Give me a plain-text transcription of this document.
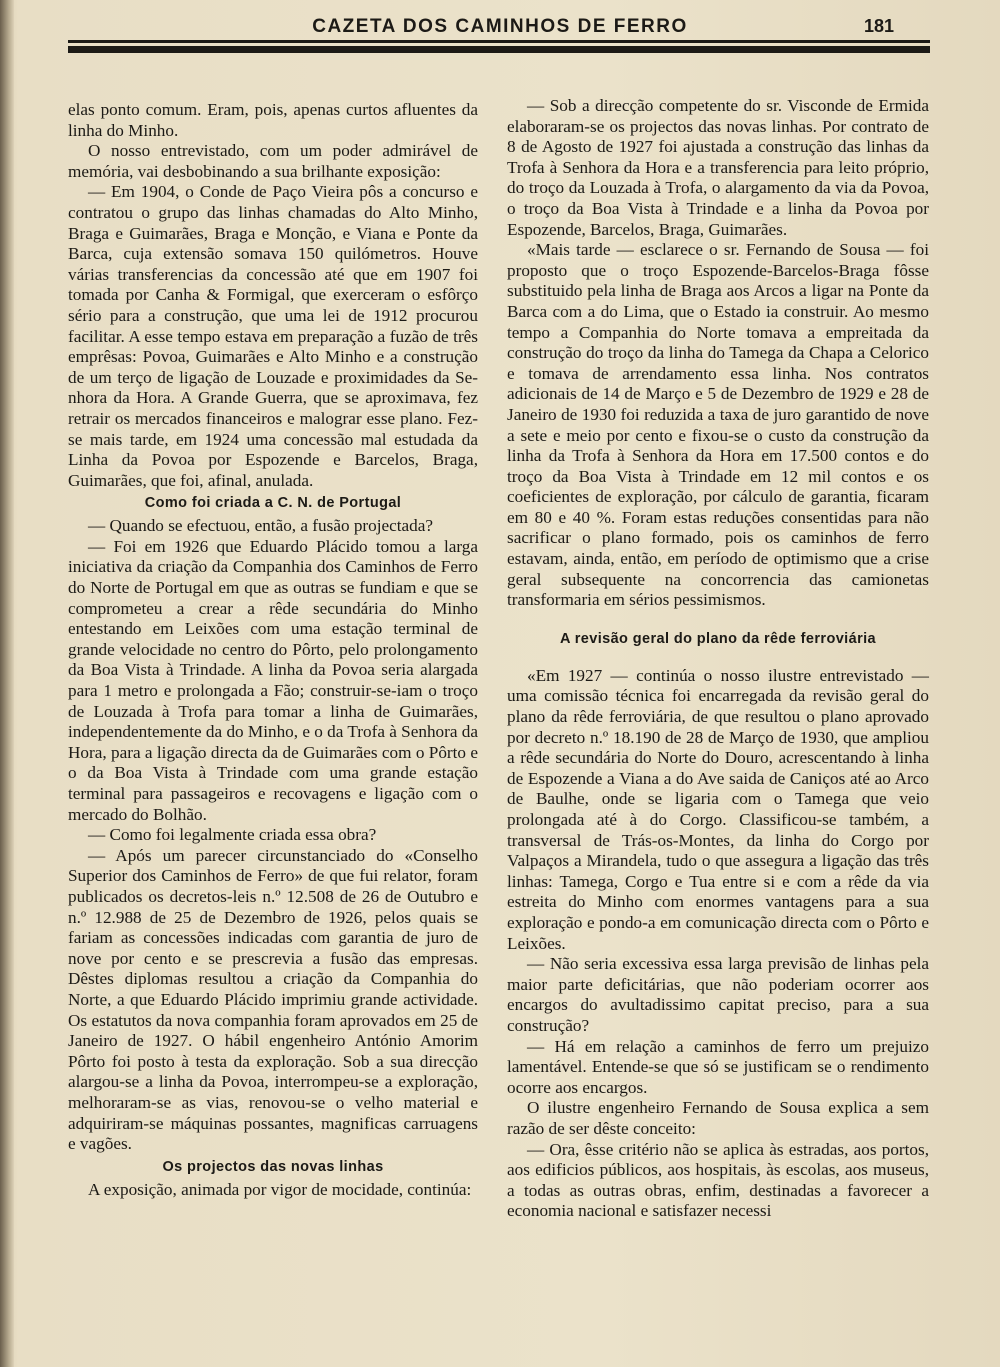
CAZETA DOS CAMINHOS DE FERRO	181

elas ponto comum. Eram, pois, apenas curtos afluentes da linha do Minho.

O nosso entrevistado, com um poder admirável de memória, vai desbobinando a sua brilhante exposição:

— Em 1904, o Conde de Paço Vieira pôs a concurso e contratou o grupo das linhas chamadas do Alto Minho, Braga e Guimarães, Braga e Monção, e Viana e Ponte da Barca, cuja extensão somava 150 quilómetros. Houve várias transferencias da concessão até que em 1907 foi tomada por Canha & Formigal, que exerceram o esfôrço sério para a construção, que uma lei de 1912 procurou facilitar. A esse tempo estava em preparação a fuzão de três emprêsas: Povoa, Guimarães e Alto Minho e a construção de um terço de ligação de Louzade e proximidades da Senhora da Hora. A Grande Guerra, que se aproximava, fez retrair os mercados financeiros e malograr esse plano. Fez-se mais tarde, em 1924 uma concessão mal estudada da Linha da Povoa por Espozende e Barcelos, Braga, Guimarães, que foi, afinal, anulada.

Como foi criada a C. N. de Portugal

— Quando se efectuou, então, a fusão projectada?

— Foi em 1926 que Eduardo Plácido tomou a larga iniciativa da criação da Companhia dos Caminhos de Ferro do Norte de Portugal em que as outras se fundiam e que se comprometeu a crear a rêde secundária do Minho entestando em Leixões com uma estação terminal de grande velocidade no centro do Pôrto, pelo prolongamento da Boa Vista à Trindade. A linha da Povoa seria alargada para 1 metro e prolongada a Fão; construir-se-iam o troço de Louzada à Trofa para tomar a linha de Guimarães, independentemente da do Minho, e o da Trofa à Senhora da Hora, para a ligação directa da de Guimarães com o Pôrto e o da Boa Vista à Trindade com uma grande estação terminal para passageiros e recovagens e ligação com o mercado do Bolhão.

— Como foi legalmente criada essa obra?

— Após um parecer circunstanciado do «Conselho Superior dos Caminhos de Ferro» de que fui relator, foram publicados os decretos-leis n.º 12.508 de 26 de Outubro e n.º 12.988 de 25 de Dezembro de 1926, pelos quais se fariam as concessões indicadas com garantia de juro de nove por cento e se prescrevia a fusão das empresas. Dêstes diplomas resultou a criação da Companhia do Norte, a que Eduardo Plácido imprimiu grande actividade. Os estatutos da nova companhia foram aprovados em 25 de Janeiro de 1927. O hábil engenheiro António Amorim Pôrto foi posto à testa da exploração. Sob a sua direcção alargou-se a linha da Povoa, interrompeu-se a exploração, melhoraram-se as vias, renovou-se o velho material e adquiriram-se máquinas possantes, magnificas carruagens e vagões.

Os projectos das novas linhas

A exposição, animada por vigor de mocidade, continúa:

— Sob a direcção competente do sr. Visconde de Ermida elaboraram-se os projectos das novas linhas. Por contrato de 8 de Agosto de 1927 foi ajustada a construção das linhas da Trofa à Senhora da Hora e a transferencia para leito próprio, do troço da Louzada à Trofa, o alargamento da via da Povoa, o troço da Boa Vista à Trindade e a linha da Povoa por Espozende, Barcelos, Braga, Guimarães.

«Mais tarde — esclarece o sr. Fernando de Sousa — foi proposto que o troço Espozende-Barcelos-Braga fôsse substituido pela linha de Braga aos Arcos a ligar na Ponte da Barca com a do Lima, que o Estado ia construir. Ao mesmo tempo a Companhia do Norte tomava a empreitada da construção do troço da linha do Tamega da Chapa a Celorico e tomava de arrendamento essa linha. Nos contratos adicionais de 14 de Março e 5 de Dezembro de 1929 e 28 de Janeiro de 1930 foi reduzida a taxa de juro garantido de nove a sete e meio por cento e fixou-se o custo da construção da linha da Trofa à Senhora da Hora em 17.500 contos e do troço da Boa Vista à Trindade em 12 mil contos e os coeficientes de exploração, por cálculo de garantia, ficaram em 80 e 40 %. Foram estas reduções consentidas para não sacrificar o plano formado, pois os caminhos de ferro estavam, ainda, então, em período de optimismo que a crise geral subsequente na concorrencia das camionetas transformaria em sérios pessimismos.

A revisão geral do plano da rêde ferroviária

«Em 1927 — continúa o nosso ilustre entrevistado — uma comissão técnica foi encarregada da revisão geral do plano da rêde ferroviária, de que resultou o plano aprovado por decreto n.º 18.190 de 28 de Março de 1930, que ampliou a rêde secundária do Norte do Douro, acrescentando à linha de Espozende a Viana a do Ave saida de Caniços até ao Arco de Baulhe, onde se ligaria com o Tamega que veio prolongada até à do Corgo. Classificou-se também, a transversal de Trás-os-Montes, da linha do Corgo por Valpaços a Mirandela, tudo o que assegura a ligação das três linhas: Tamega, Corgo e Tua entre si e com a rêde da via estreita do Minho com enormes vantagens para a sua exploração e pondo-a em comunicação directa com o Pôrto e Leixões.

— Não seria excessiva essa larga previsão de linhas pela maior parte deficitárias, que não poderiam ocorrer aos encargos do avultadissimo capitat preciso, para a sua construção?

— Há em relação a caminhos de ferro um prejuizo lamentável. Entende-se que só se justificam se o rendimento ocorre aos encargos.

O ilustre engenheiro Fernando de Sousa explica a sem razão de ser dêste conceito:

— Ora, êsse critério não se aplica às estradas, aos portos, aos edificios públicos, aos hospitais, às escolas, aos museus, a todas as outras obras, enfim, destinadas a favorecer a economia nacional e satisfazer necessi
